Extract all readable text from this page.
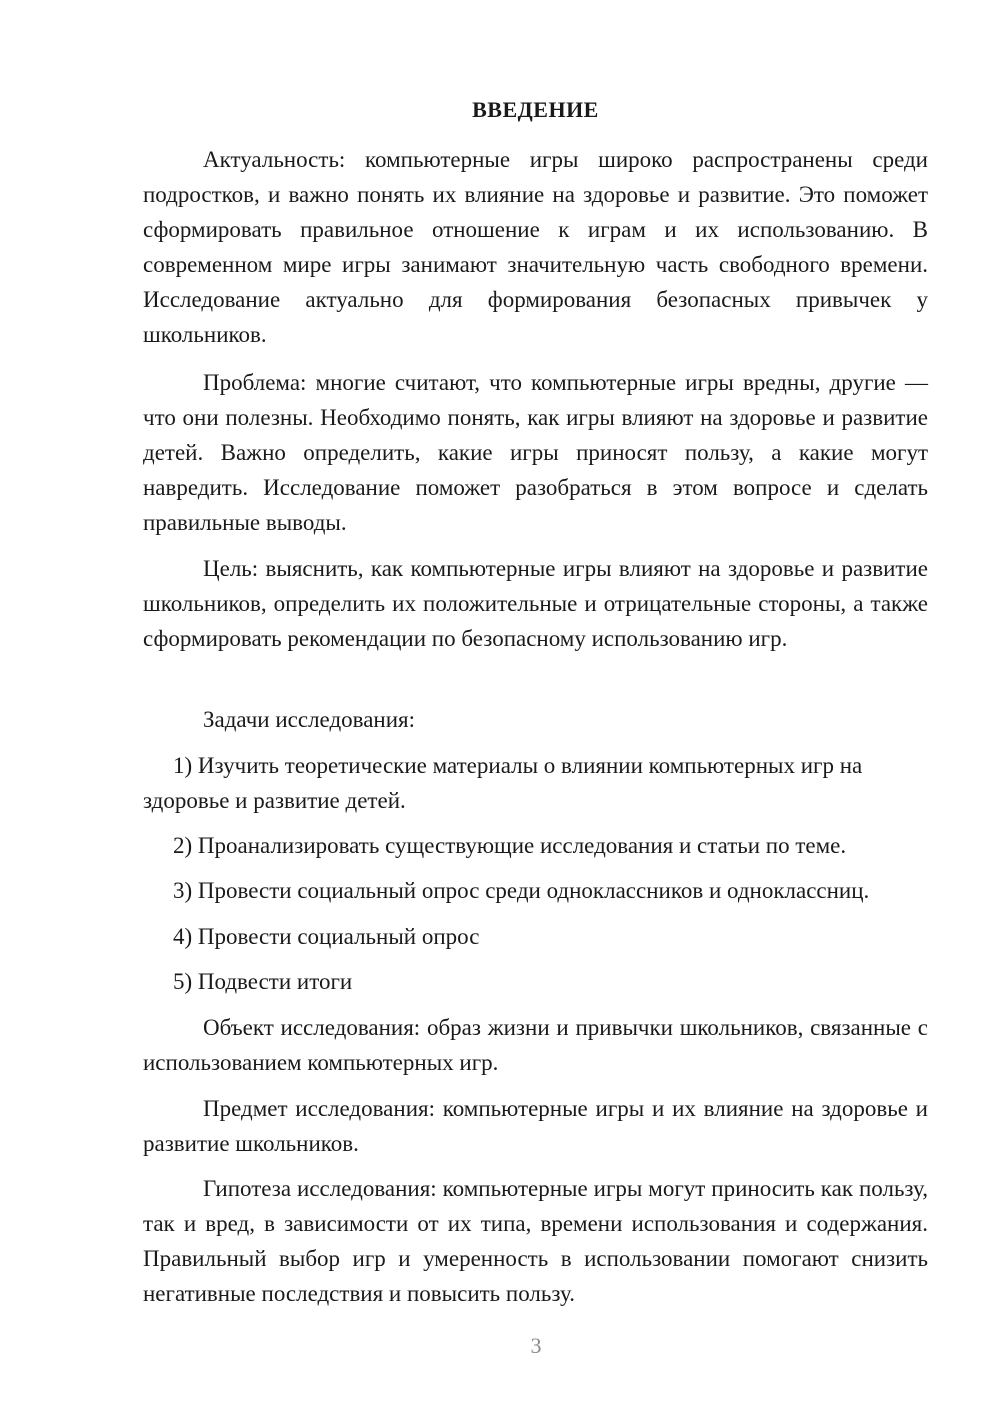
ВВЕДЕНИЕ

Актуальность: компьютерные игры широко распространены среди подростков, и важно понять их влияние на здоровье и развитие. Это поможет сформировать правильное отношение к играм и их использованию. В современном мире игры занимают значительную часть свободного времени. Исследование актуально для формирования безопасных привычек у школьников.

Проблема: многие считают, что компьютерные игры вредны, другие — что они полезны. Необходимо понять, как игры влияют на здоровье и развитие детей. Важно определить, какие игры приносят пользу, а какие могут навредить. Исследование поможет разобраться в этом вопросе и сделать правильные выводы.

Цель: выяснить, как компьютерные игры влияют на здоровье и развитие школьников, определить их положительные и отрицательные стороны, а также сформировать рекомендации по безопасному использованию игр.

Задачи исследования:

1) Изучить теоретические материалы о влиянии компьютерных игр на здоровье и развитие детей.

2) Проанализировать существующие исследования и статьи по теме.

3) Провести социальный опрос среди одноклассников и одноклассниц.

4) Провести социальный опрос

5) Подвести итоги

Объект исследования: образ жизни и привычки школьников, связанные с использованием компьютерных игр.

Предмет исследования: компьютерные игры и их влияние на здоровье и развитие школьников.

Гипотеза исследования: компьютерные игры могут приносить как пользу, так и вред, в зависимости от их типа, времени использования и содержания. Правильный выбор игр и умеренность в использовании помогают снизить негативные последствия и повысить пользу.

3
